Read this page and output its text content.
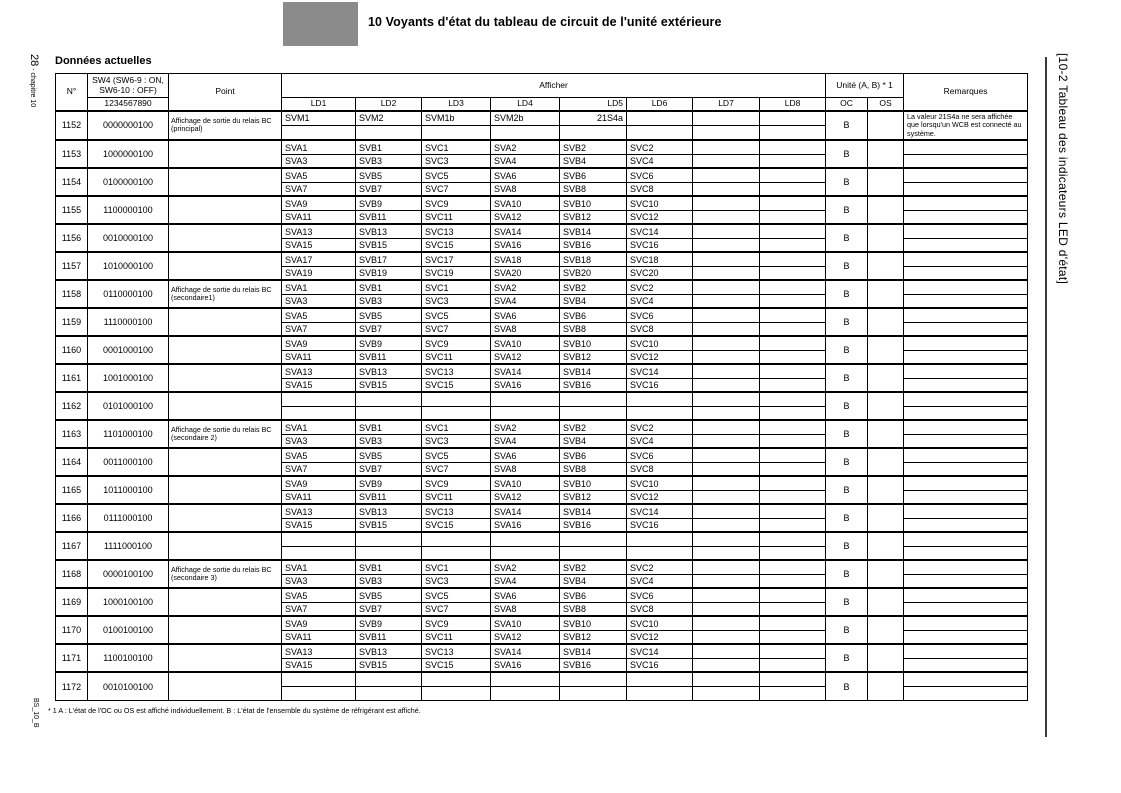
10 Voyants d'état du tableau de circuit de l'unité extérieure
Données actuelles
28- chapitre 10
BS_10_B
[10-2 Tableau des indicateurs LED d'état]
N°	SW4 (SW6-9 : ON,
SW6-10 : OFF)	Point	Afficher								Unité (A, B) * 1		Remarques
	1234567890		LD1	LD2	LD3	LD4	LD5	LD6	LD7	LD8	OC	OS	
1152	0000000100	Affichage de sortie du relais BC
(principal)	SVM1	SVM2	SVM1b	SVM2b	21S4a				B		La valeur 21S4a ne sera affichée que lorsqu'un WCB est connecté au système.

1153	1000000100		SVA1	SVB1	SVC1	SVA2	SVB2	SVC2			B		
			SVA3	SVB3	SVC3	SVA4	SVB4	SVC4					
1154	0100000100		SVA5	SVB5	SVC5	SVA6	SVB6	SVC6			B		
			SVA7	SVB7	SVC7	SVA8	SVB8	SVC8					
1155	1100000100		SVA9	SVB9	SVC9	SVA10	SVB10	SVC10			B		
			SVA11	SVB11	SVC11	SVA12	SVB12	SVC12					
1156	0010000100		SVA13	SVB13	SVC13	SVA14	SVB14	SVC14			B		
			SVA15	SVB15	SVC15	SVA16	SVB16	SVC16					
1157	1010000100		SVA17	SVB17	SVC17	SVA18	SVB18	SVC18			B		
			SVA19	SVB19	SVC19	SVA20	SVB20	SVC20					
1158	0110000100	Affichage de sortie du relais BC
(secondaire1)	SVA1	SVB1	SVC1	SVA2	SVB2	SVC2			B		
			SVA3	SVB3	SVC3	SVA4	SVB4	SVC4					
1159	1110000100		SVA5	SVB5	SVC5	SVA6	SVB6	SVC6			B		
			SVA7	SVB7	SVC7	SVA8	SVB8	SVC8					
1160	0001000100		SVA9	SVB9	SVC9	SVA10	SVB10	SVC10			B		
			SVA11	SVB11	SVC11	SVA12	SVB12	SVC12					
1161	1001000100		SVA13	SVB13	SVC13	SVA14	SVB14	SVC14			B		
			SVA15	SVB15	SVC15	SVA16	SVB16	SVC16					
1162	0101000100										B		

1163	1101000100	Affichage de sortie du relais BC
(secondaire 2)	SVA1	SVB1	SVC1	SVA2	SVB2	SVC2			B		
			SVA3	SVB3	SVC3	SVA4	SVB4	SVC4					
1164	0011000100		SVA5	SVB5	SVC5	SVA6	SVB6	SVC6			B		
			SVA7	SVB7	SVC7	SVA8	SVB8	SVC8					
1165	1011000100		SVA9	SVB9	SVC9	SVA10	SVB10	SVC10			B		
			SVA11	SVB11	SVC11	SVA12	SVB12	SVC12					
1166	0111000100		SVA13	SVB13	SVC13	SVA14	SVB14	SVC14			B		
			SVA15	SVB15	SVC15	SVA16	SVB16	SVC16					
1167	1111000100										B		

1168	0000100100	Affichage de sortie du relais BC
(secondaire 3)	SVA1	SVB1	SVC1	SVA2	SVB2	SVC2			B		
			SVA3	SVB3	SVC3	SVA4	SVB4	SVC4					
1169	1000100100		SVA5	SVB5	SVC5	SVA6	SVB6	SVC6			B		
			SVA7	SVB7	SVC7	SVA8	SVB8	SVC8					
1170	0100100100		SVA9	SVB9	SVC9	SVA10	SVB10	SVC10			B		
			SVA11	SVB11	SVC11	SVA12	SVB12	SVC12					
1171	1100100100		SVA13	SVB13	SVC13	SVA14	SVB14	SVC14			B		
			SVA15	SVB15	SVC15	SVA16	SVB16	SVC16					
1172	0010100100										B		

* 1 A : L'état de l'OC ou OS est affiché individuellement. B : L'état de l'ensemble du système de réfrigérant est affiché.
